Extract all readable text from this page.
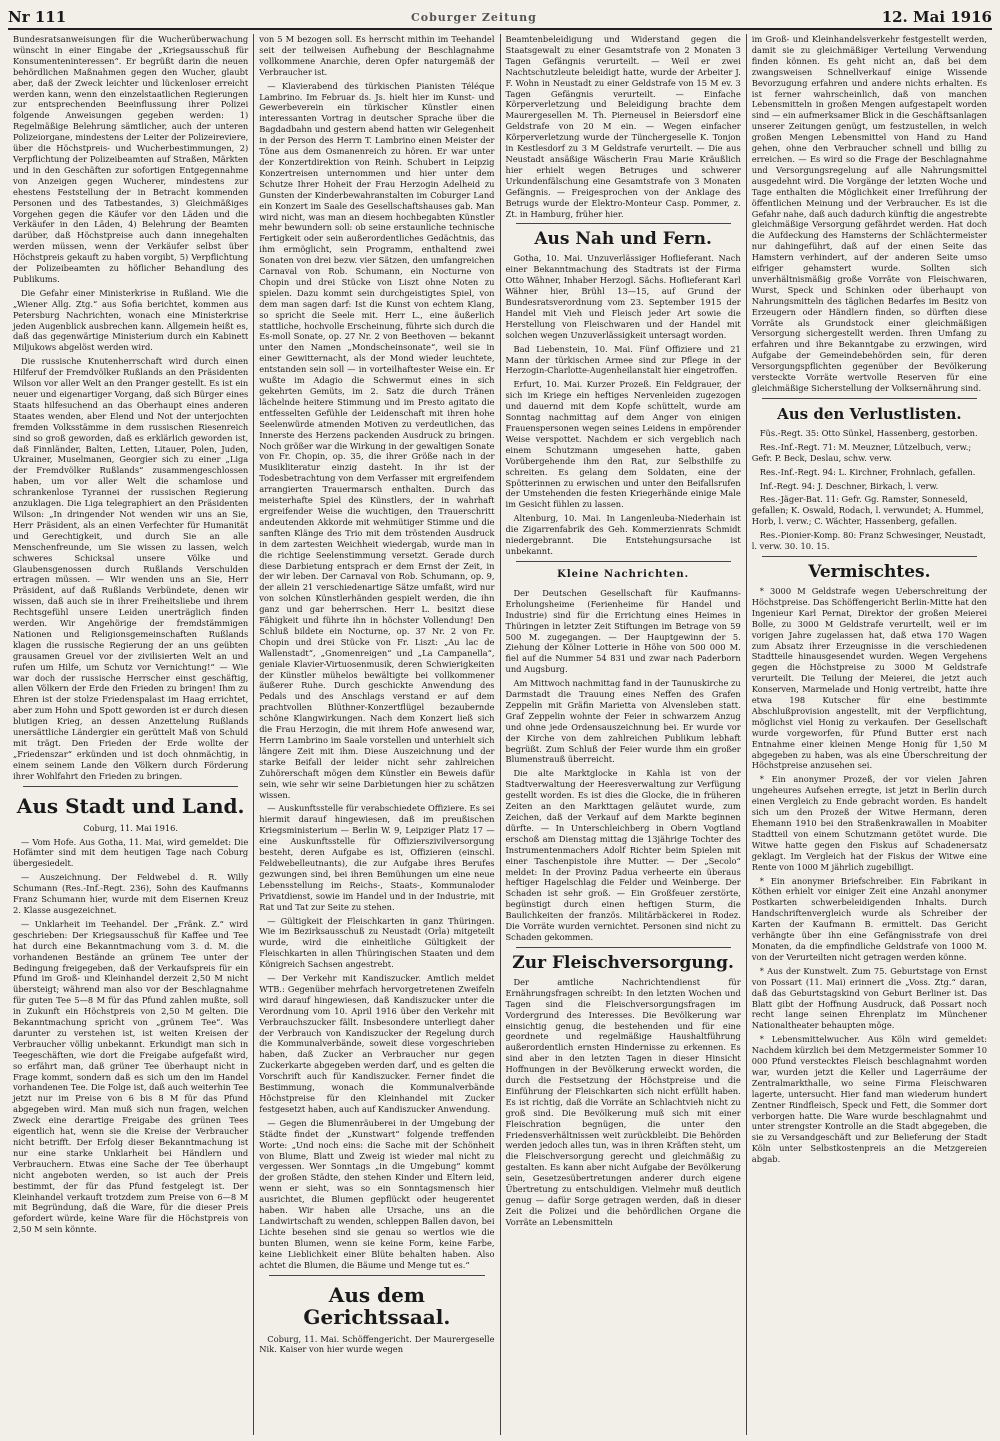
Nr 111	Coburger Zeitung	12. Mai 1916

Bundesratsanweisungen für die Wucherüberwachung wünscht in einer Eingabe der „Kriegsausschuß für Konsumenteninteressen“. Er begrüßt darin die neuen behördlichen Maßnahmen gegen den Wucher, glaubt aber, daß der Zweck leichter und lückenloser erreicht werden kann, wenn den einzelstaatlichen Regierungen zur entsprechenden Beeinflussung ihrer Polizei folgende Anweisungen gegeben werden: 1) Regelmäßige Belehrung sämtlicher, auch der unteren Polizeiorgane, mindestens der Leiter der Polizeireviere, über die Höchstpreis- und Wucherbestimmungen, 2) Verpflichtung der Polizeibeamten auf Straßen, Märkten und in den Geschäften zur sofortigen Entgegennahme von Anzeigen gegen Wucherer, mindestens zur ehestens Feststellung der in Betracht kommenden Personen und des Tatbestandes, 3) Gleichmäßiges Vorgehen gegen die Käufer vor den Läden und die Verkäufer in den Läden, 4) Belehrung der Beamten darüber, daß Höchstpreise auch dann innegehalten werden müssen, wenn der Verkäufer selbst über Höchstpreis gekauft zu haben vorgibt, 5) Verpflichtung der Polizeibeamten zu höflicher Behandlung des Publikums.

Die Gefahr einer Ministerkrise in Rußland. Wie die „Wiener Allg. Ztg.“ aus Sofia berichtet, kommen aus Petersburg Nachrichten, wonach eine Ministerkrise jeden Augenblick ausbrechen kann. Allgemein heißt es, daß das gegenwärtige Ministerium durch ein Kabinett Miljukows abgelöst werden wird.

Die russische Knutenherrschaft wird durch einen Hilferuf der Fremdvölker Rußlands an den Präsidenten Wilson vor aller Welt an den Pranger gestellt. Es ist ein neuer und eigenartiger Vorgang, daß sich Bürger eines Staats hilfesuchend an das Oberhaupt eines anderen Staates wenden, aber Elend und Not der unterjochten fremden Volksstämme in dem russischen Riesenreich sind so groß geworden, daß es erklärlich geworden ist, daß Finnländer, Balten, Letten, Litauer, Polen, Juden, Ukrainer, Muselmanen, Georgier sich zu einer „Liga der Fremdvölker Rußlands“ zusammengeschlossen haben, um vor aller Welt die schamlose und schrankenlose Tyrannei der russischen Regierung anzuklagen. Die Liga telegraphiert an den Präsidenten Wilson: „In dringender Not wenden wir uns an Sie, Herr Präsident, als an einen Verfechter für Humanität und Gerechtigkeit, und durch Sie an alle Menschenfreunde, um Sie wissen zu lassen, welch schweres Schicksal unsere Völke und Glaubensgenossen durch Rußlands Verschulden ertragen müssen. — Wir wenden uns an Sie, Herr Präsident, auf daß Rußlands Verbündete, denen wir wissen, daß auch sie in ihrer Freiheitsliebe und ihrem Rechtsgefühl unsere Leiden unerträglich finden werden. Wir Angehörige der fremdstämmigen Nationen und Religionsgemeinschaften Rußlands klagen die russische Regierung der an uns geübten grausamen Greuel vor der zivilisierten Welt an und rufen um Hilfe, um Schutz vor Vernichtung!“ — Wie war doch der russische Herrscher einst geschäftig, allen Völkern der Erde den Frieden zu bringen! Ihm zu Ehren ist der stolze Friedenspalast im Haag errichtet, aber zum Hohn und Spott geworden ist er durch diesen blutigen Krieg, an dessen Anzettelung Rußlands unersättliche Ländergier ein gerüttelt Maß von Schuld mit trägt. Den Frieden der Erde wollte der „Friedenszar“ erkünden und ist doch ohnmächtig, in einem seinem Lande den Völkern durch Förderung ihrer Wohlfahrt den Frieden zu bringen.

Aus Stadt und Land.

Coburg, 11. Mai 1916.

— Vom Hofe. Aus Gotha, 11. Mai, wird gemeldet: Die Hofämter sind mit dem heutigen Tage nach Coburg übergesiedelt.

— Auszeichnung. Der Feldwebel d. R. Willy Schumann (Res.-Inf.-Regt. 236), Sohn des Kaufmanns Franz Schumann hier, wurde mit dem Eisernen Kreuz 2. Klasse ausgezeichnet.

— Unklarheit im Teehandel. Der „Fränk. Z.“ wird geschrieben: Der Kriegsausschuß für Kaffee und Tee hat durch eine Bekanntmachung vom 3. d. M. die vorhandenen Bestände an grünem Tee unter der Bedingung freigegeben, daß der Verkaufspreis für ein Pfund im Groß- und Kleinhandel derzeit 2,50 M nicht übersteigt; während man also vor der Beschlagnahme für guten Tee 5—8 M für das Pfund zahlen mußte, soll in Zukunft ein Höchstpreis von 2,50 M gelten. Die Bekanntmachung spricht von „grünem Tee“. Was darunter zu verstehen ist, ist weiten Kreisen der Verbraucher völlig unbekannt. Erkundigt man sich in Teegeschäften, wie dort die Freigabe aufgefaßt wird, so erfährt man, daß grüner Tee überhaupt nicht in Frage kommt, sondern daß es sich um den im Handel vorhandenen Tee. Die Folge ist, daß auch weiterhin Tee jetzt nur im Preise von 6 bis 8 M für das Pfund abgegeben wird. Man muß sich nun fragen, welchen Zweck eine derartige Freigabe des grünen Tees eigentlich hat, wenn sie die Kreise der Verbraucher nicht betrifft. Der Erfolg dieser Bekanntmachung ist nur eine starke Unklarheit bei Händlern und Verbrauchern. Etwas eine Sache der Tee überhaupt nicht angeboten werden, so ist auch der Preis bestimmt, der für das Pfund festgelegt ist. Der Kleinhandel verkauft trotzdem zum Preise von 6—8 M mit Begründung, daß die Ware, für die dieser Preis gefordert würde, keine Ware für die Höchstpreis von 2,50 M sein könnte.

von 5 M bezogen soll. Es herrscht mithin im Teehandel seit der teilweisen Aufhebung der Beschlagnahme vollkommene Anarchie, deren Opfer naturgemäß der Verbraucher ist.

— Klavierabend des türkischen Pianisten Téléque Lambrino. Im Februar ds. Js. hielt hier im Kunst- und Gewerbeverein ein türkischer Künstler einen interessanten Vortrag in deutscher Sprache über die Bagdadbahn und gestern abend hatten wir Gelegenheit in der Person des Herrn T. Lambrino einen Meister der Töne aus dem Osmanenreich zu hören. Er war unter der Konzertdirektion von Reinh. Schubert in Leipzig Konzertreisen unternommen und hier unter dem Schutze Ihrer Hoheit der Frau Herzogin Adelheid zu Gunsten der Kinderbewahranstalten im Coburger Land ein Konzert im Saale des Gesellschaftshauses gab. Man wird nicht, was man an diesem hochbegabten Künstler mehr bewundern soll: ob seine erstaunliche technische Fertigkeit oder sein außerordentliches Gedächtnis, das ihm ermöglicht, sein Programm, enthaltend zwei Sonaten von drei bezw. vier Sätzen, den umfangreichen Carnaval von Rob. Schumann, ein Nocturne von Chopin und drei Stücke von Liszt ohne Noten zu spielen. Dazu kommt sein durchgeistigtes Spiel, von dem man sagen darf: Ist die Kunst von echtem Klang, so spricht die Seele mit. Herr L., eine äußerlich stattliche, hochvolle Erscheinung, führte sich durch die Es-moll Sonate, op. 27 Nr. 2 von Beethoven — bekannt unter den Namen „Mondscheinsonate“, weil sie in einer Gewitternacht, als der Mond wieder leuchtete, entstanden sein soll — in vorteilhaftester Weise ein. Er wußte im Adagio die Schwermut eines in sich gekehrten Gemüts, im 2. Satz die durch Tränen lächelnde heitere Stimmung und im Presto agitato die entfesselten Gefühle der Leidenschaft mit ihren hohe Seelenwürde atmenden Motiven zu verdeutlichen, das Innerste des Herzens packenden Ausdruck zu bringen. Noch größer war die Wirkung in der gewaltigen Sonate von Fr. Chopin, op. 35, die ihrer Größe nach in der Musikliteratur einzig dasteht. In ihr ist der Todesbetrachtung von dem Verfasser mit ergreifendem arrangierten Trauermarsch enthalten. Durch das meisterhafte Spiel des Künstlers, der in wahrhaft ergreifender Weise die wuchtigen, den Trauerschritt andeutenden Akkorde mit wehmütiger Stimme und die sanften Klänge des Trio mit dem tröstenden Ausdruck in dem zartesten Weichheit wiedergab, wurde man in die richtige Seelenstimmung versetzt. Gerade durch diese Darbietung entsprach er dem Ernst der Zeit, in der wir leben. Der Carnaval von Rob. Schumann, op. 9, der allein 21 verschiedenartige Sätze umfaßt, wird nur von solchen Künstlerhänden gespielt werden, die ihn ganz und gar beherrschen. Herr L. besitzt diese Fähigkeit und führte ihn in höchster Vollendung! Den Schluß bildete ein Nocturne, op. 37 Nr. 2 von Fr. Chopin und drei Stücke von Fr. Liszt: „Au lac de Wallenstadt“, „Gnomenreigen“ und „La Campanella“, geniale Klavier-Virtuosenmusik, deren Schwierigkeiten der Künstler mühelos bewältigte bei vollkommener äußerer Ruhe. Durch geschickte Anwendung des Pedals und des Anschlags verstand er auf dem prachtvollen Blüthner-Konzertflügel bezaubernde schöne Klangwirkungen. Nach dem Konzert ließ sich die Frau Herzogin, die mit ihrem Hofe anwesend war, Herrn Lambrino im Saale vorstellen und unterhielt sich längere Zeit mit ihm. Diese Auszeichnung und der starke Beifall der leider nicht sehr zahlreichen Zuhörerschaft mögen dem Künstler ein Beweis dafür sein, wie sehr wir seine Darbietungen hier zu schätzen wissen.

— Auskunftsstelle für verabschiedete Offiziere. Es sei hiermit darauf hingewiesen, daß im preußischen Kriegsministerium — Berlin W. 9, Leipziger Platz 17 — eine Auskunftsstelle für Offizierszivilversorgung besteht, deren Aufgabe es ist, Offizieren (einschl. Feldwebelleutnants), die zur Aufgabe ihres Berufes gezwungen sind, bei ihren Bemühungen um eine neue Lebensstellung im Reichs-, Staats-, Kommunaloder Privatdienst, sowie im Handel und in der Industrie, mit Rat und Tat zur Seite zu stehen.

— Gültigkeit der Fleischkarten in ganz Thüringen. Wie im Bezirksausschuß zu Neustadt (Orla) mitgeteilt wurde, wird die einheitliche Gültigkeit der Fleischkarten in allen Thüringischen Staaten und dem Königreich Sachsen angestrebt.

— Der Verkehr mit Kandiszucker. Amtlich meldet WTB.: Gegenüber mehrfach hervorgetretenen Zweifeln wird darauf hingewiesen, daß Kandiszucker unter die Verordnung vom 10. April 1916 über den Verkehr mit Verbrauchszucker fällt. Insbesondere unterliegt daher der Verbrauch von Kandiszucker der Regelung durch die Kommunalverbände, soweit diese vorgeschrieben haben, daß Zucker an Verbraucher nur gegen Zuckerkarte abgegeben werden darf, und es gelten die Vorschrift auch für Kandiszucker. Ferner findet die Bestimmung, wonach die Kommunalverbände Höchstpreise für den Kleinhandel mit Zucker festgesetzt haben, auch auf Kandiszucker Anwendung.

— Gegen die Blumenräuberei in der Umgebung der Städte findet der „Kunstwart“ folgende treffenden Worte: „Und noch eins: die Sache mit der Schönheit von Blume, Blatt und Zweig ist wieder mal nicht zu vergessen. Wer Sonntags „in die Umgebung“ kommt der großen Städte, den stehen Kinder und Eltern leid, wenn er sieht, was so ein Sonntagsmensch hier ausrichtet, die Blumen gepflückt oder heugerentet haben. Wir haben alle Ursache, uns an die Landwirtschaft zu wenden, schleppen Ballen davon, bei Lichte besehen sind sie genau so wertlos wie die bunten Blumen, wenn sie keine Form, keine Farbe, keine Lieblichkeit einer Blüte behalten haben. Also achtet die Blumen, die Bäume und Menge tut es.“

Aus dem Gerichtssaal.

Coburg, 11. Mai. Schöffengericht. Der Maurergeselle Nik. Kaiser von hier wurde wegen

Beamtenbeleidigung und Widerstand gegen die Staatsgewalt zu einer Gesamtstrafe von 2 Monaten 3 Tagen Gefängnis verurteilt. — Weil er zwei Nachtschutzleute beleidigt hatte, wurde der Arbeiter J. F. Wohn in Neustadt zu einer Geldstrafe von 15 M ev. 3 Tagen Gefängnis verurteilt. — Einfache Körperverletzung und Beleidigung brachte dem Maurergesellen M. Th. Pierneusel in Beiersdorf eine Geldstrafe von 20 M ein. — Wegen einfacher Körperverletzung wurde der Tünchergeselle K. Tonjon in Kestlesdorf zu 3 M Geldstrafe verurteilt. — Die aus Neustadt ansäßige Wäscherin Frau Marie Kräußlich hier erhielt wegen Betruges und schwerer Urkundenfälschung eine Gesamtstrafe von 3 Monaten Gefängnis. — Freigesprochen von der Anklage des Betrugs wurde der Elektro-Monteur Casp. Pommer, z. Zt. in Hamburg, früher hier.

Aus Nah und Fern.

Gotha, 10. Mai. Unzuverlässiger Hoflieferant. Nach einer Bekanntmachung des Stadtrats ist der Firma Otto Wähner, Inhaber Herzogl. Sächs. Hoflieferant Karl Wähner hier, Brühl 13—15, auf Grund der Bundesratsverordnung vom 23. September 1915 der Handel mit Vieh und Fleisch jeder Art sowie die Herstellung von Fleischwaren und der Handel mit solchen wegen Unzuverlässigkeit untersagt worden.

Bad Liebenstein, 10. Mai. Fünf Offiziere und 21 Mann der türkischen Armee sind zur Pflege in der Herzogin-Charlotte-Augenheilanstalt hier eingetroffen.

Erfurt, 10. Mai. Kurzer Prozeß. Ein Feldgrauer, der sich im Kriege ein heftiges Nervenleiden zugezogen und dauernd mit dem Kopfe schüttelt, wurde am Sonntag nachmittag auf dem Anger von einigen Frauenspersonen wegen seines Leidens in empörender Weise verspottet. Nachdem er sich vergeblich nach einem Schutzmann umgesehen hatte, gaben Vorübergehende ihm den Rat, zur Selbsthilfe zu schreiten. Es gelang dem Soldaten, eine der Spötterinnen zu erwischen und unter den Beifallsrufen der Umstehenden die festen Kriegerhände einige Male im Gesicht fühlen zu lassen.

Altenburg, 10. Mai. In Langenleuba-Niederhain ist die Zigarrenfabrik des Geh. Kommerzienrats Schmidt niedergebrannt. Die Entstehungsursache ist unbekannt.

Kleine Nachrichten.

Der Deutschen Gesellschaft für Kaufmanns-Erholungsheime (Ferienheime für Handel und Industrie) sind für die Errichtung eines Heimes in Thüringen in letzter Zeit Stiftungen im Betrage von 59 500 M. zugegangen. — Der Hauptgewinn der 5. Ziehung der Kölner Lotterie in Höhe von 500 000 M. fiel auf die Nummer 54 831 und zwar nach Paderborn und Augsburg.

Am Mittwoch nachmittag fand in der Taunuskirche zu Darmstadt die Trauung eines Neffen des Grafen Zeppelin mit Gräfin Marietta von Alvensleben statt. Graf Zeppelin wohnte der Feier in schwarzem Anzug und ohne jede Ordensauszeichnung bei. Er wurde vor der Kirche von dem zahlreichen Publikum lebhaft begrüßt. Zum Schluß der Feier wurde ihm ein großer Blumenstrauß überreicht.

Die alte Marktglocke in Kahla ist von der Stadtverwaltung der Heeresverwaltung zur Verfügung gestellt worden. Es ist dies die Glocke, die in früheren Zeiten an den Markttagen geläutet wurde, zum Zeichen, daß der Verkauf auf dem Markte beginnen dürfte. — In Unterschleichberg in Obern Vogtland erschoß am Dienstag mittag die 13jährige Tochter des Instrumentenmachers Adolf Richter beim Spielen mit einer Taschenpistole ihre Mutter. — Der „Secolo“ meldet: In der Provinz Padua verheerte ein überaus heftiger Hagelschlag die Felder und Weinberge. Der Schaden ist sehr groß. — Ein Großfeuer zerstörte, begünstigt durch einen heftigen Sturm, die Baulichkeiten der französ. Militärbäckerei in Rodez. Die Vorräte wurden vernichtet. Personen sind nicht zu Schaden gekommen.

Zur Fleischversorgung.

Der amtliche Nachrichtendienst für Ernährungsfragen schreibt: In den letzten Wochen und Tagen sind die Fleischversorgungsfragen im Vordergrund des Interesses. Die Bevölkerung war einsichtig genug, die bestehenden und für eine geordnete und regelmäßige Haushaltführung außerordentlich ernsten Hindernisse zu erkennen. Es sind aber in den letzten Tagen in dieser Hinsicht Hoffnungen in der Bevölkerung erweckt worden, die durch die Festsetzung der Höchstpreise und die Einführung der Fleischkarten sich nicht erfüllt haben. Es ist richtig, daß die Vorräte an Schlachtvieh nicht zu groß sind. Die Bevölkerung muß sich mit einer Fleischration begnügen, die unter den Friedensverhältnissen weit zurückbleibt. Die Behörden werden jedoch alles tun, was in ihren Kräften steht, um die Fleischversorgung gerecht und gleichmäßig zu gestalten. Es kann aber nicht Aufgabe der Bevölkerung sein, Gesetzesübertretungen anderer durch eigene Übertretung zu entschuldigen. Vielmehr muß deutlich genug — dafür Sorge getragen werden, daß in dieser Zeit die Polizei und die behördlichen Organe die Vorräte an Lebensmitteln

im Groß- und Kleinhandelsverkehr festgestellt werden, damit sie zu gleichmäßiger Verteilung Verwendung finden können. Es geht nicht an, daß bei dem zwangsweisen Schnellverkauf einige Wissende Bevorzugung erfahren und andere nichts erhalten. Es ist ferner wahrscheinlich, daß von manchen Lebensmitteln in großen Mengen aufgestapelt worden sind — ein aufmerksamer Blick in die Geschäftsanlagen unserer Zeitungen genügt, um festzustellen, in welch großen Mengen Lebensmittel von Hand zu Hand gehen, ohne den Verbraucher schnell und billig zu erreichen. — Es wird so die Frage der Beschlagnahme und Versorgungsregelung auf alle Nahrungsmittel ausgedehnt wird. Die Vorgänge der letzten Woche und Tage enthalten die Möglichkeit einer Irreführung der öffentlichen Meinung und der Verbraucher. Es ist die Gefahr nahe, daß auch dadurch künftig die angestrebte gleichmäßige Versorgung gefährdet werden. Hat doch die Aufdeckung des Hamsterns der Schlächtermeister nur dahingeführt, daß auf der einen Seite das Hamstern verhindert, auf der anderen Seite umso eifriger gehamstert wurde. Sollten sich unverhältnismäßig große Vorräte von Fleischwaren, Wurst, Speck und Schinken oder überhaupt von Nahrungsmitteln des täglichen Bedarfes im Besitz von Erzeugern oder Händlern finden, so dürften diese Vorräte als Grundstock einer gleichmäßigen Versorgung sichergestellt werden. Ihren Umfang zu erfahren und ihre Bekanntgabe zu erzwingen, wird Aufgabe der Gemeindebehörden sein, für deren Versorgungspflichten gegenüber der Bevölkerung versteckte Vorräte wertvolle Reserven für eine gleichmäßige Sicherstellung der Volksernährung sind.

Aus den Verlustlisten.
Füs.-Regt. 35: Otto Sünkel, Hassenberg, gestorben.
Res.-Inf.-Regt. 71: M. Meuzner, Lützelbuch, verw.; Gefr. P. Beck, Deslau, schw. verw.
Res.-Inf.-Regt. 94: L. Kirchner, Frohnlach, gefallen.
Inf.-Regt. 94: J. Deschner, Birkach, l. verw.
Res.-Jäger-Bat. 11: Gefr. Gg. Ramster, Sonneseld, gefallen; K. Oswald, Rodach, l. verwundet; A. Hummel, Horb, l. verw.; C. Wächter, Hassenberg, gefallen.
Res.-Pionier-Komp. 80: Franz Schwesinger, Neustadt, l. verw. 30. 10. 15.
Vermischtes.

* 3000 M Geldstrafe wegen Ueberschreitung der Höchstpreise. Das Schöffengericht Berlin-Mitte hat den Ingenieur Karl Pernat, Direktor der großen Meierei Bolle, zu 3000 M Geldstrafe verurteilt, weil er im vorigen Jahre zugelassen hat, daß etwa 170 Wagen zum Absatz ihrer Erzeugnisse in die verschiedenen Stadtteile hinausgesendet wurden. Wegen Vergehens gegen die Höchstpreise zu 3000 M Geldstrafe verurteilt. Die Teilung der Meierei, die jetzt auch Konserven, Marmelade und Honig vertreibt, hatte ihre etwa 198 Kutscher für eine bestimmte Abschlußprovision angestellt, mit der Verpflichtung, möglichst viel Honig zu verkaufen. Der Gesellschaft wurde vorgeworfen, für Pfund Butter erst nach Entnahme einer kleinen Menge Honig für 1,50 M abgegeben zu haben, was als eine Überschreitung der Höchstpreise anzusehen sei.

* Ein anonymer Prozeß, der vor vielen Jahren ungeheures Aufsehen erregte, ist jetzt in Berlin durch einen Vergleich zu Ende gebracht worden. Es handelt sich um den Prozeß der Witwe Hermann, deren Ehemann 1910 bei den Straßenkrawallen in Moabiter Stadtteil von einem Schutzmann getötet wurde. Die Witwe hatte gegen den Fiskus auf Schadenersatz geklagt. Im Vergleich hat der Fiskus der Witwe eine Rente von 1000 M jährlich zugebilligt.

* Ein anonymer Briefschreiber. Ein Fabrikant in Köthen erhielt vor einiger Zeit eine Anzahl anonymer Postkarten schwerbeleidigenden Inhalts. Durch Handschriftenvergleich wurde als Schreiber der Karten der Kaufmann B. ermittelt. Das Gericht verhängte über ihn eine Gefängnisstrafe von drei Monaten, da die empfindliche Geldstrafe von 1000 M. von der Verurteilten nicht getragen werden könne.

* Aus der Kunstwelt. Zum 75. Geburtstage von Ernst von Possart (11. Mai) erinnert die „Voss. Ztg.“ daran, daß das Geburtstagskind von Geburt Berliner ist. Das Blatt gibt der Hoffnung Ausdruck, daß Possart noch recht lange seinen Ehrenplatz im Münchener Nationaltheater behaupten möge.

* Lebensmittelwucher. Aus Köln wird gemeldet: Nachdem kürzlich bei dem Metzgermeister Sommer 10 000 Pfund verstecktes Fleisch beschlagnahmt worden war, wurden jetzt die Keller und Lagerräume der Zentralmarkthalle, wo seine Firma Fleischwaren lagerte, untersucht. Hier fand man wiederum hundert Zentner Rindfleisch, Speck und Fett, die Sommer dort verborgen hatte. Die Ware wurde beschlagnahmt und unter strengster Kontrolle an die Stadt abgegeben, die sie zu Versandgeschäft und zur Belieferung der Stadt Köln unter Selbstkostenpreis an die Metzgereien abgab.
